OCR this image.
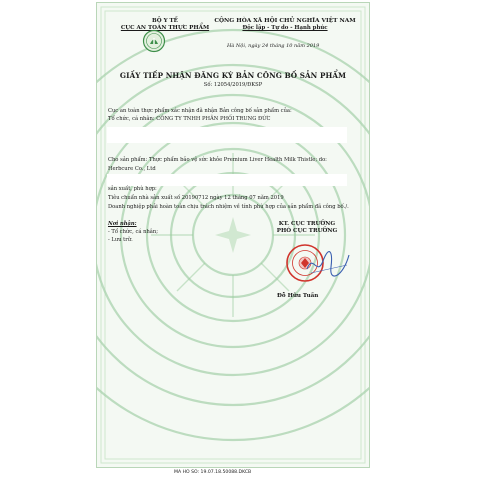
BỘ Y TẾ
CỤC AN TOÀN THỰC PHẨM
CỘNG HÒA XÃ HỘI CHỦ NGHĨA VIỆT NAM
Độc lập - Tự do - Hạnh phúc
Hà Nội, ngày 24 tháng 10 năm 2019
GIẤY TIẾP NHẬN ĐĂNG KÝ BẢN CÔNG BỐ SẢN PHẨM
Số: 12054/2019/ĐKSP
Cục an toàn thực phẩm xác nhận đã nhận Bản công bố sản phẩm của:
Tổ chức, cá nhân: CÔNG TY TNHH PHÂN PHỐI TRUNG ĐỨC
Cho sản phẩm: Thực phẩm bảo vệ sức khỏe Premium Liver Health Milk Thistle; do:
Herbcure Co., Ltd
sản xuất, phù hợp:
Tiêu chuẩn nhà sản xuất số 20190712 ngày 12 tháng 07 năm 2019
Doanh nghiệp phải hoàn toàn chịu trách nhiệm về tính phù hợp của sản phẩm đã công bố./.
Nơi nhận:
- Tổ chức, cá nhân;
- Lưu trữ.
KT. CỤC TRƯỞNG
PHÓ CỤC TRƯỞNG
Đỗ Hữu Tuấn
MA HO SO: 19.07.18.50088.DKCB
